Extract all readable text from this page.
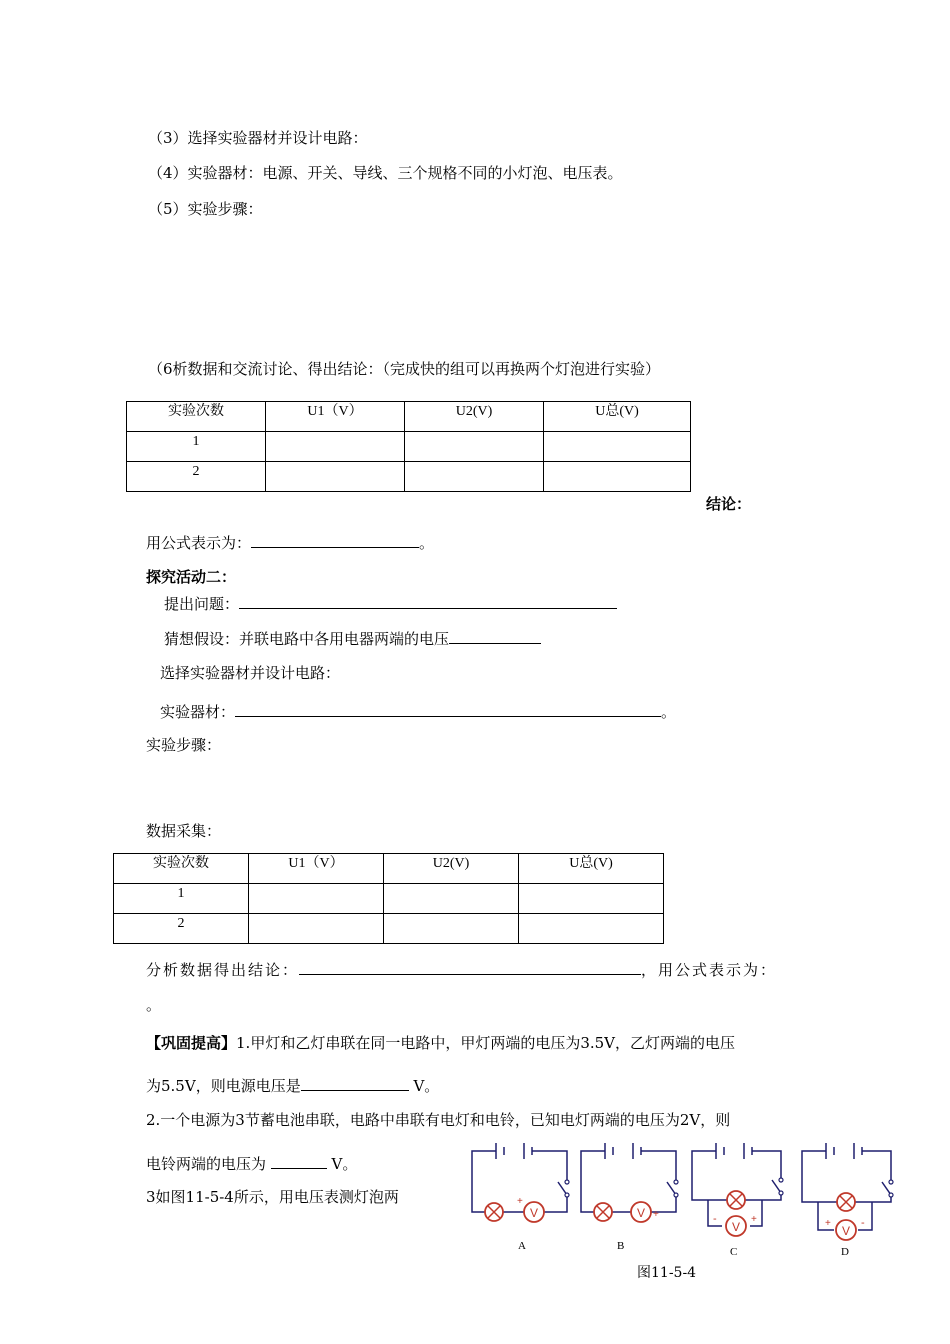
（3）选择实验器材并设计电路：
（4）实验器材：电源、开关、导线、三个规格不同的小灯泡、电压表。
（5）实验步骤：
（6析数据和交流讨论、得出结论：（完成快的组可以再换两个灯泡进行实验）
实验次数	U1（V）	U2(V)	U总(V)
1			
2			
结论：
用公式表示为：	。
探究活动二：
提出问题：
猜想假设：并联电路中各用电器两端的电压
选择实验器材并设计电路：
实验器材：	。
实验步骤：
数据采集：
实验次数	U1（V）	U2(V)	U总(V)
1			
2			
分析数据得出结论：	，用公式表示为：
。
【巩固提高】1.甲灯和乙灯串联在同一电路中，甲灯两端的电压为3.5V，乙灯两端的电压
为5.5V，则电源电压是	V。
2.一个电源为3节蓄电池串联，电路中串联有电灯和电铃，已知电灯两端的电压为2V，则
电铃两端的电压为	V。
3如图11-5-4所示，用电压表测灯泡两
V
+
A
V +
B
V
-	+
C
V
+	-
D
图11-5-4
